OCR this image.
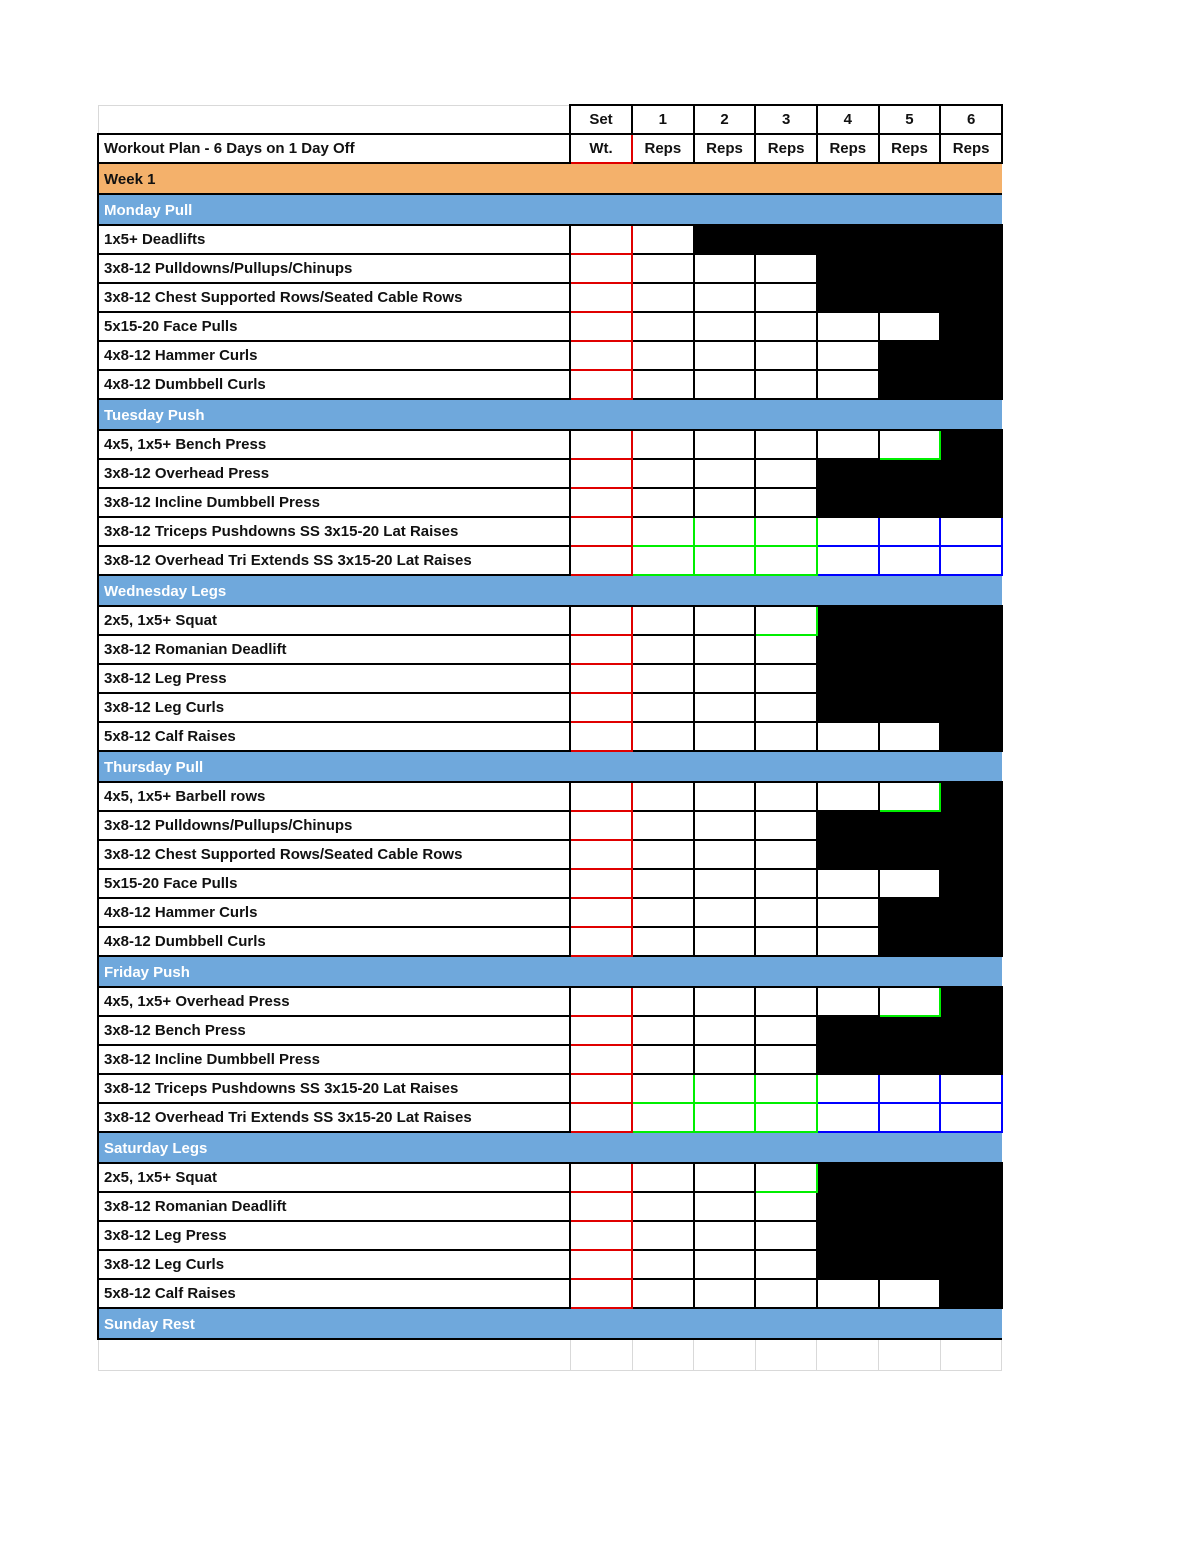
	Set	1	2	3	4	5	6
Workout Plan - 6 Days on 1 Day Off	Wt.	Reps	Reps	Reps	Reps	Reps	Reps
Week 1							
Monday Pull							
1x5+ Deadlifts							
3x8-12 Pulldowns/Pullups/Chinups							
3x8-12 Chest Supported Rows/Seated Cable Rows							
5x15-20 Face Pulls							
4x8-12 Hammer Curls							
4x8-12 Dumbbell Curls							
Tuesday Push							
4x5, 1x5+ Bench Press							
3x8-12 Overhead Press							
3x8-12 Incline Dumbbell Press							
3x8-12 Triceps Pushdowns SS 3x15-20 Lat Raises							
3x8-12 Overhead Tri Extends SS 3x15-20 Lat Raises							
Wednesday Legs							
2x5, 1x5+ Squat							
3x8-12 Romanian Deadlift							
3x8-12 Leg Press							
3x8-12 Leg Curls							
5x8-12 Calf Raises							
Thursday Pull							
4x5, 1x5+ Barbell rows							
3x8-12 Pulldowns/Pullups/Chinups							
3x8-12 Chest Supported Rows/Seated Cable Rows							
5x15-20 Face Pulls							
4x8-12 Hammer Curls							
4x8-12 Dumbbell Curls							
Friday Push							
4x5, 1x5+ Overhead Press							
3x8-12 Bench Press							
3x8-12 Incline Dumbbell Press							
3x8-12 Triceps Pushdowns SS 3x15-20 Lat Raises							
3x8-12 Overhead Tri Extends SS 3x15-20 Lat Raises							
Saturday Legs							
2x5, 1x5+ Squat							
3x8-12 Romanian Deadlift							
3x8-12 Leg Press							
3x8-12 Leg Curls							
5x8-12 Calf Raises							
Sunday Rest							
